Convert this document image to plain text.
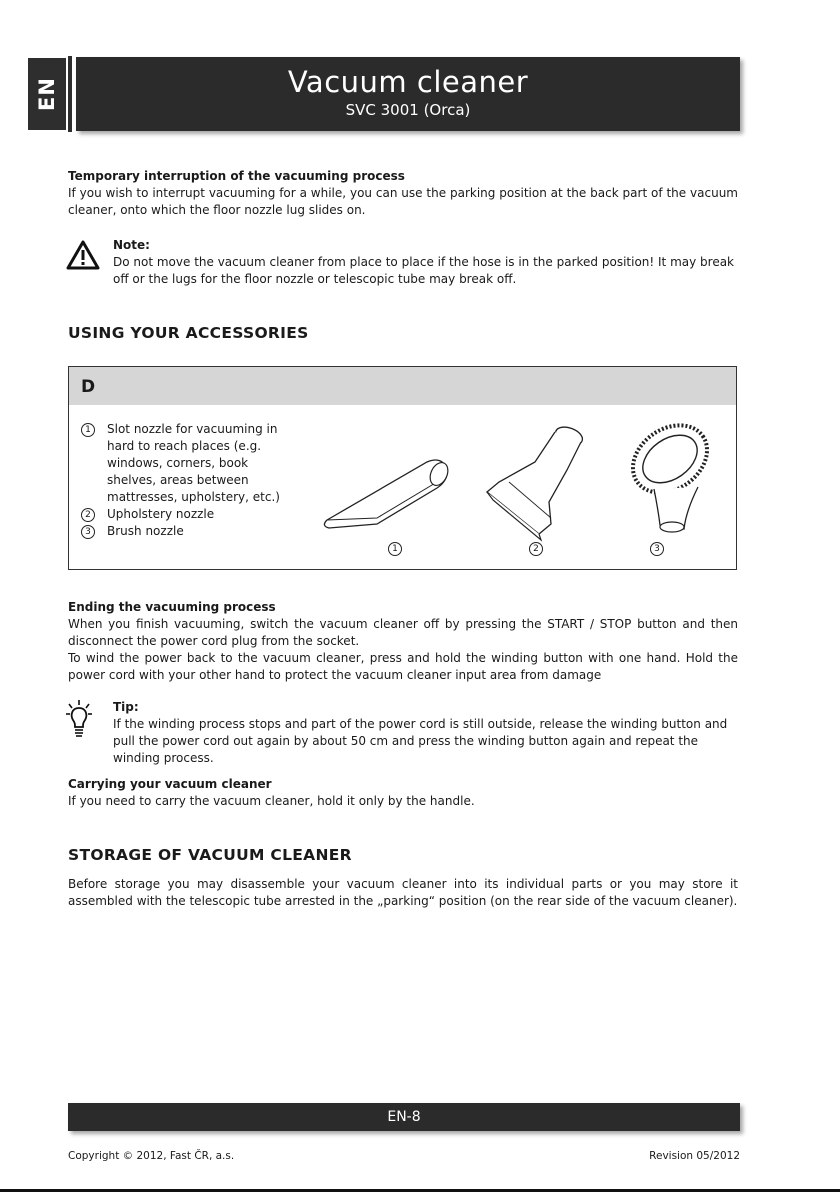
EN	Vacuum cleaner
SVC 3001 (Orca)
Temporary interruption of the vacuuming process
If you wish to interrupt vacuuming for a while, you can use the parking position at the back part of the vacuum cleaner, onto which the floor nozzle lug slides on.
Note:
Do not move the vacuum cleaner from place to place if the hose is in the parked position! It may break off or the lugs for the floor nozzle or telescopic tube may break off.
USING YOUR ACCESSORIES
D
1	Slot nozzle for vacuuming in hard to reach places (e.g. windows, corners, book shelves, areas between mattresses, upholstery, etc.)
2	Upholstery nozzle
3	Brush nozzle
1	2	3
Ending the vacuuming process
When you finish vacuuming, switch the vacuum cleaner off by pressing the START / STOP button and then disconnect the power cord plug from the socket.
To wind the power back to the vacuum cleaner, press and hold the winding button with one hand. Hold the power cord with your other hand to protect the vacuum cleaner input area from damage
Tip:
If the winding process stops and part of the power cord is still outside, release the winding button and pull the power cord out again by about 50 cm and press the winding button again and repeat the winding process.
Carrying your vacuum cleaner
If you need to carry the vacuum cleaner, hold it only by the handle.
STORAGE OF VACUUM CLEANER
Before storage you may disassemble your vacuum cleaner into its individual parts or you may store it assembled with the telescopic tube arrested in the „parking“ position (on the rear side of the vacuum cleaner).
EN-8
Copyright © 2012, Fast ČR, a.s.	Revision 05/2012
